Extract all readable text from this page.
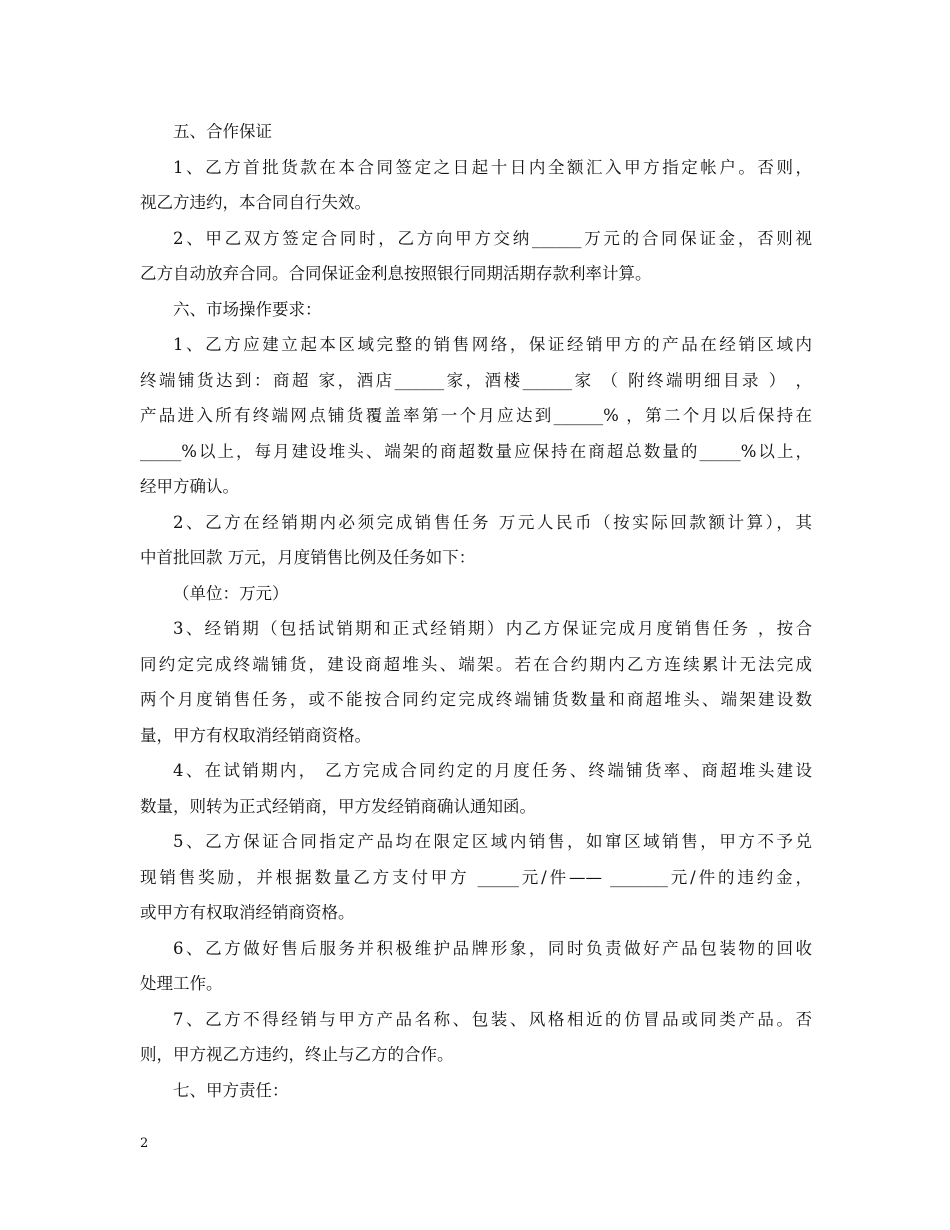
五、合作保证
1、乙方首批货款在本合同签定之日起十日内全额汇入甲方指定帐户。否则，
视乙方违约，本合同自行失效。
2、甲乙双方签定合同时，乙方向甲方交纳______万元的合同保证金，否则视
乙方自动放弃合同。合同保证金利息按照银行同期活期存款利率计算。
六、市场操作要求：
1、乙方应建立起本区域完整的销售网络，保证经销甲方的产品在经销区域内
终端铺货达到：商超 家，酒店______家，酒楼______家 （ 附终端明细目录 ） ，
产品进入所有终端网点铺货覆盖率第一个月应达到______% ，第二个月以后保持在
_____%以上，每月建设堆头、端架的商超数量应保持在商超总数量的_____%以上，
经甲方确认。
2、乙方在经销期内必须完成销售任务 万元人民币（按实际回款额计算），其
中首批回款 万元，月度销售比例及任务如下：
（单位：万元）
3、经销期（包括试销期和正式经销期）内乙方保证完成月度销售任务 ，按合
同约定完成终端铺货，建设商超堆头、端架。若在合约期内乙方连续累计无法完成
两个月度销售任务，或不能按合同约定完成终端铺货数量和商超堆头、端架建设数
量，甲方有权取消经销商资格。
4、在试销期内， 乙方完成合同约定的月度任务、终端铺货率、商超堆头建设
数量，则转为正式经销商，甲方发经销商确认通知函。
5、乙方保证合同指定产品均在限定区域内销售，如窜区域销售，甲方不予兑
现销售奖励，并根据数量乙方支付甲方 _____元/件—— _______元/件的违约金，
或甲方有权取消经销商资格。
6、乙方做好售后服务并积极维护品牌形象，同时负责做好产品包装物的回收
处理工作。
7、乙方不得经销与甲方产品名称、包装、风格相近的仿冒品或同类产品。否
则，甲方视乙方违约，终止与乙方的合作。
七、甲方责任：
2
